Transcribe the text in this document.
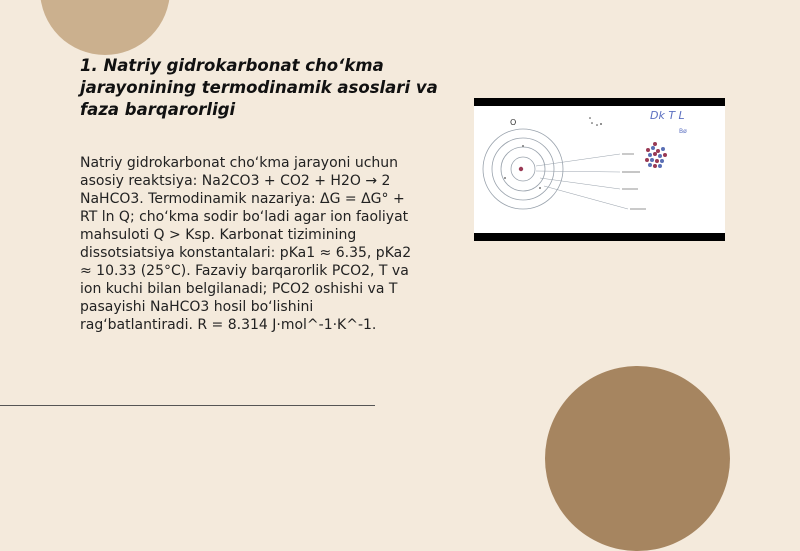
1. Natriy gidrokarbonat cho‘kma jarayonining termodinamik asoslari va faza barqarorligi

Natriy gidrokarbonat cho‘kma jarayoni uchun asosiy reaktsiya: Na2CO3 + CO2 + H2O → 2 NaHCO3. Termodinamik nazariya: ΔG = ΔG° + RT ln Q; cho‘kma sodir bo‘ladi agar ion faoliyat mahsuloti Q > Ksp. Karbonat tizimining dissotsiatsiya konstantalari: pKa1 ≈ 6.35, pKa2 ≈ 10.33 (25°C). Fazaviy barqarorlik PCO2, T va ion kuchi bilan belgilanadi; PCO2 oshishi va T pasayishi NaHCO3 hosil bo‘lishini rag‘batlantiradi. R = 8.314 J·mol^-1·K^-1.

O
Dk T L
Bø
